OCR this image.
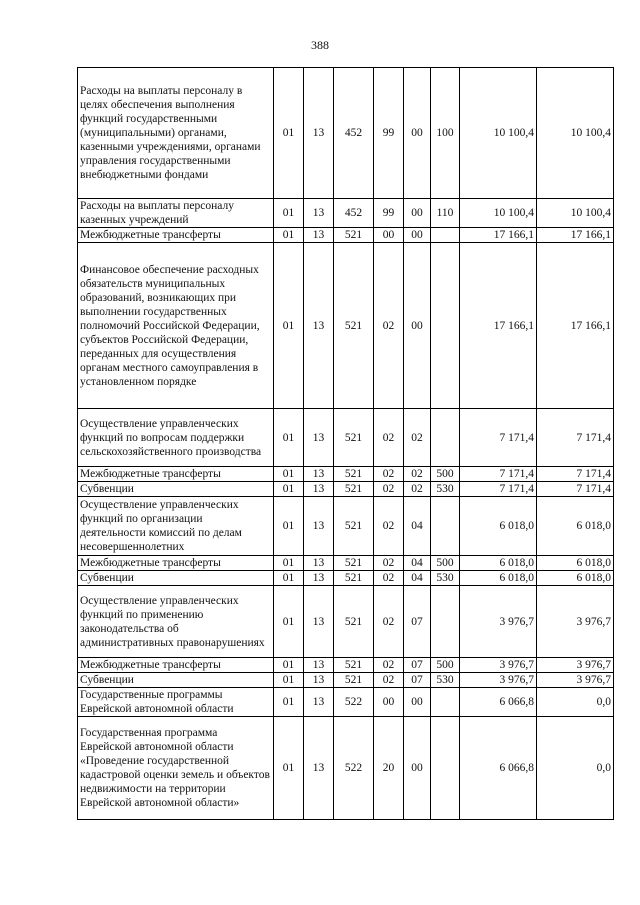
388
Расходы на выплаты персоналу в целях обеспечения выполнения функций государственными (муниципальными) органами, казенными учреждениями, органами управления государственными внебюджетными фондами	01	13	452	99	00	100	10 100,4	10 100,4
Расходы на выплаты персоналу казенных учреждений	01	13	452	99	00	110	10 100,4	10 100,4
Межбюджетные трансферты	01	13	521	00	00		17 166,1	17 166,1
Финансовое обеспечение расходных обязательств муниципальных образований, возникающих при выполнении государственных полномочий Российской Федерации, субъектов Российской Федерации, переданных для осуществления органам местного самоуправления в установленном порядке	01	13	521	02	00		17 166,1	17 166,1
Осуществление управленческих функций по вопросам поддержки сельскохозяйственного производства	01	13	521	02	02		7 171,4	7 171,4
Межбюджетные трансферты	01	13	521	02	02	500	7 171,4	7 171,4
Субвенции	01	13	521	02	02	530	7 171,4	7 171,4
Осуществление управленческих функций по организации деятельности комиссий по делам несовершеннолетних	01	13	521	02	04		6 018,0	6 018,0
Межбюджетные трансферты	01	13	521	02	04	500	6 018,0	6 018,0
Субвенции	01	13	521	02	04	530	6 018,0	6 018,0
Осуществление управленческих функций по применению законодательства об административных правонарушениях	01	13	521	02	07		3 976,7	3 976,7
Межбюджетные трансферты	01	13	521	02	07	500	3 976,7	3 976,7
Субвенции	01	13	521	02	07	530	3 976,7	3 976,7
Государственные программы Еврейской автономной области	01	13	522	00	00		6 066,8	0,0
Государственная программа Еврейской автономной области «Проведение государственной кадастровой оценки земель и объектов недвижимости на территории Еврейской автономной области»	01	13	522	20	00		6 066,8	0,0
